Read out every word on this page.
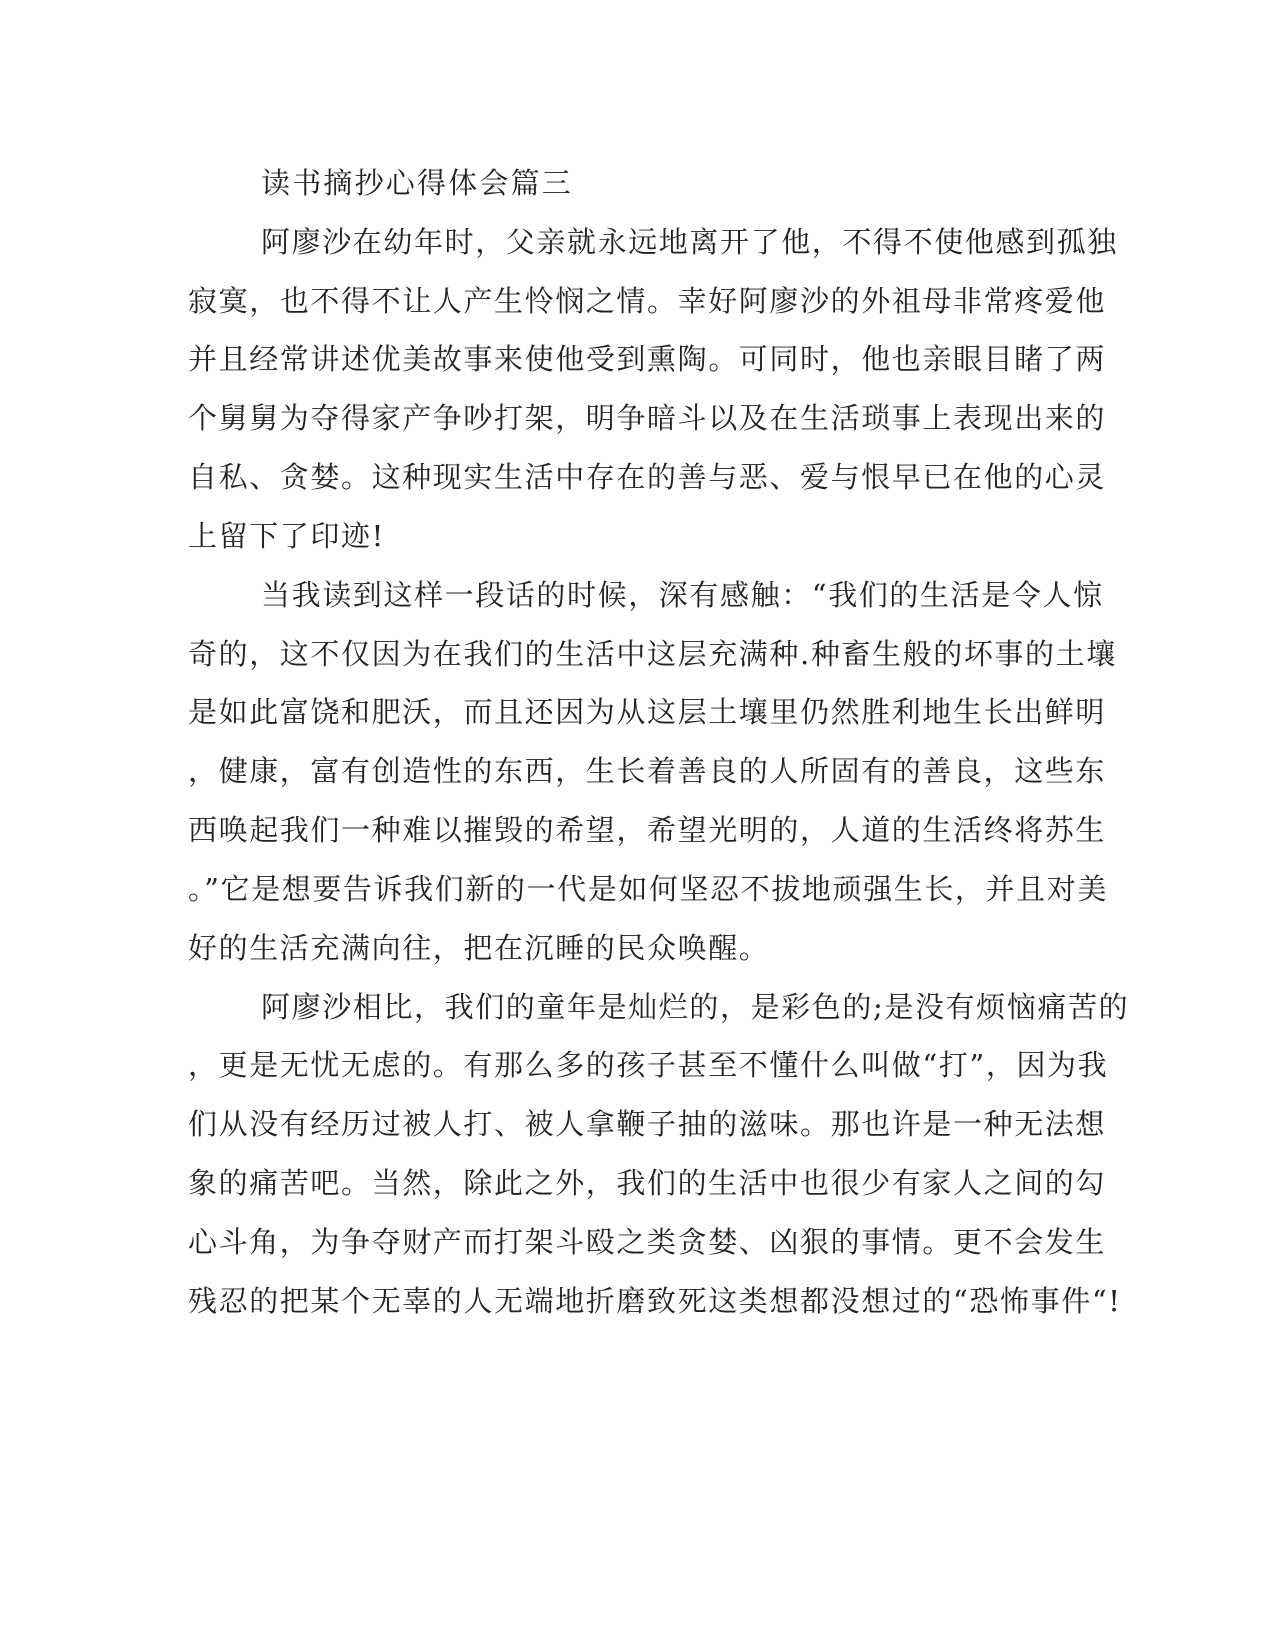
读书摘抄心得体会篇三
阿廖沙在幼年时，父亲就永远地离开了他，不得不使他感到孤独
寂寞，也不得不让人产生怜悯之情。幸好阿廖沙的外祖母非常疼爱他
并且经常讲述优美故事来使他受到熏陶。可同时，他也亲眼目睹了两
个舅舅为夺得家产争吵打架，明争暗斗以及在生活琐事上表现出来的
自私、贪婪。这种现实生活中存在的善与恶、爱与恨早已在他的心灵
上留下了印迹!
当我读到这样一段话的时候，深有感触：“我们的生活是令人惊
奇的，这不仅因为在我们的生活中这层充满种.种畜生般的坏事的土壤
是如此富饶和肥沃，而且还因为从这层土壤里仍然胜利地生长出鲜明
，健康，富有创造性的东西，生长着善良的人所固有的善良，这些东
西唤起我们一种难以摧毁的希望，希望光明的，人道的生活终将苏生
。”它是想要告诉我们新的一代是如何坚忍不拔地顽强生长，并且对美
好的生活充满向往，把在沉睡的民众唤醒。
阿廖沙相比，我们的童年是灿烂的，是彩色的;是没有烦恼痛苦的
，更是无忧无虑的。有那么多的孩子甚至不懂什么叫做“打”，因为我
们从没有经历过被人打、被人拿鞭子抽的滋味。那也许是一种无法想
象的痛苦吧。当然，除此之外，我们的生活中也很少有家人之间的勾
心斗角，为争夺财产而打架斗殴之类贪婪、凶狠的事情。更不会发生
残忍的把某个无辜的人无端地折磨致死这类想都没想过的“恐怖事件“!
